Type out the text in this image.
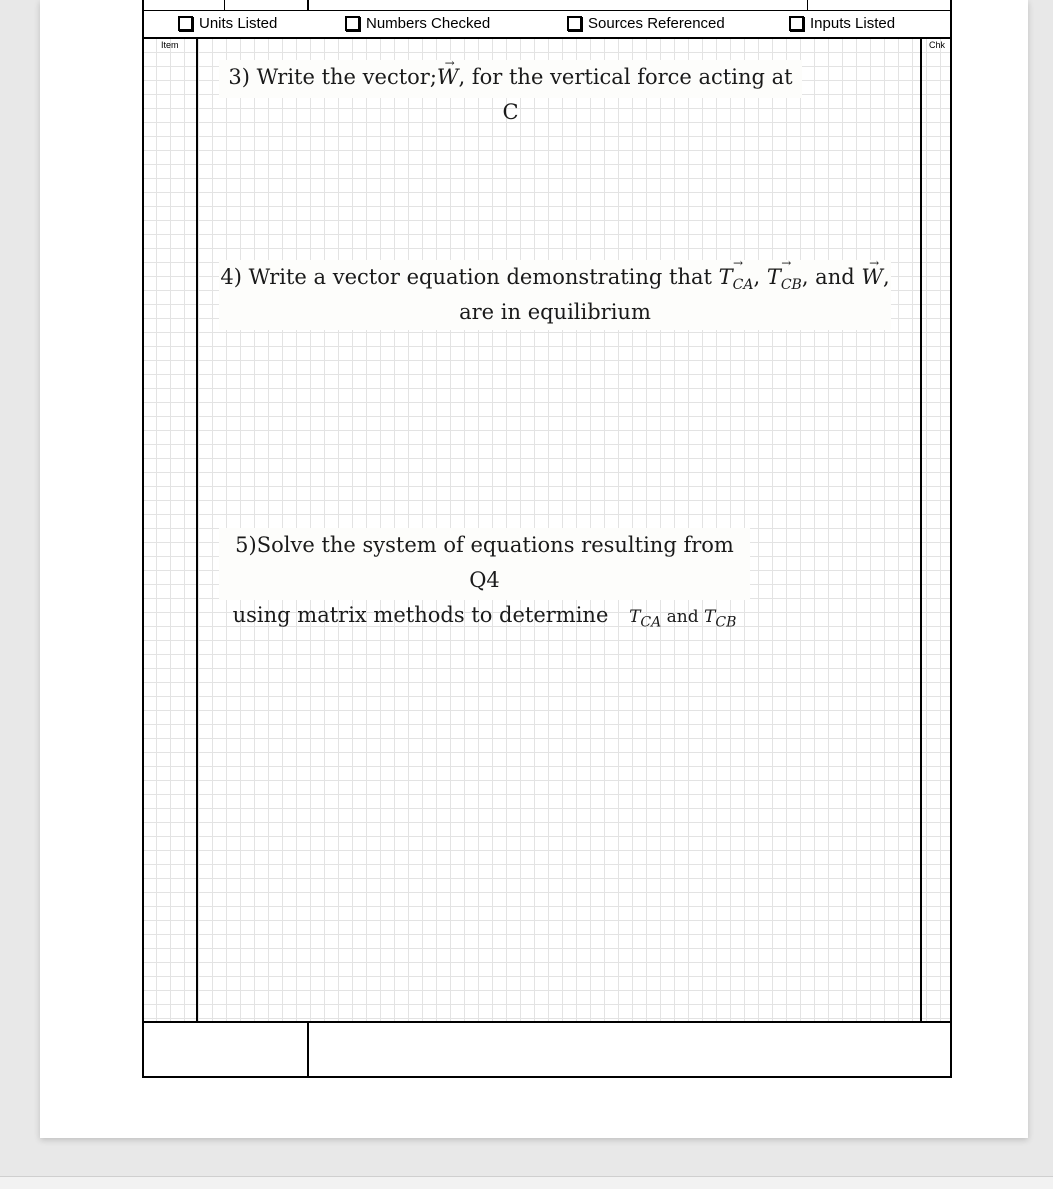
Units Listed	Numbers Checked	Sources Referenced	Inputs Listed
Item	Chk
3) Write the vector;→ W, for the vertical force acting at C
4) Write a vector equation demonstrating that → $T_{CA}$, → $T_{CB}$, and → W,
are in equilibrium
5)Solve the system of equations resulting from Q4
using matrix methods to determine $T_{CA}$ and $T_{CB}$
